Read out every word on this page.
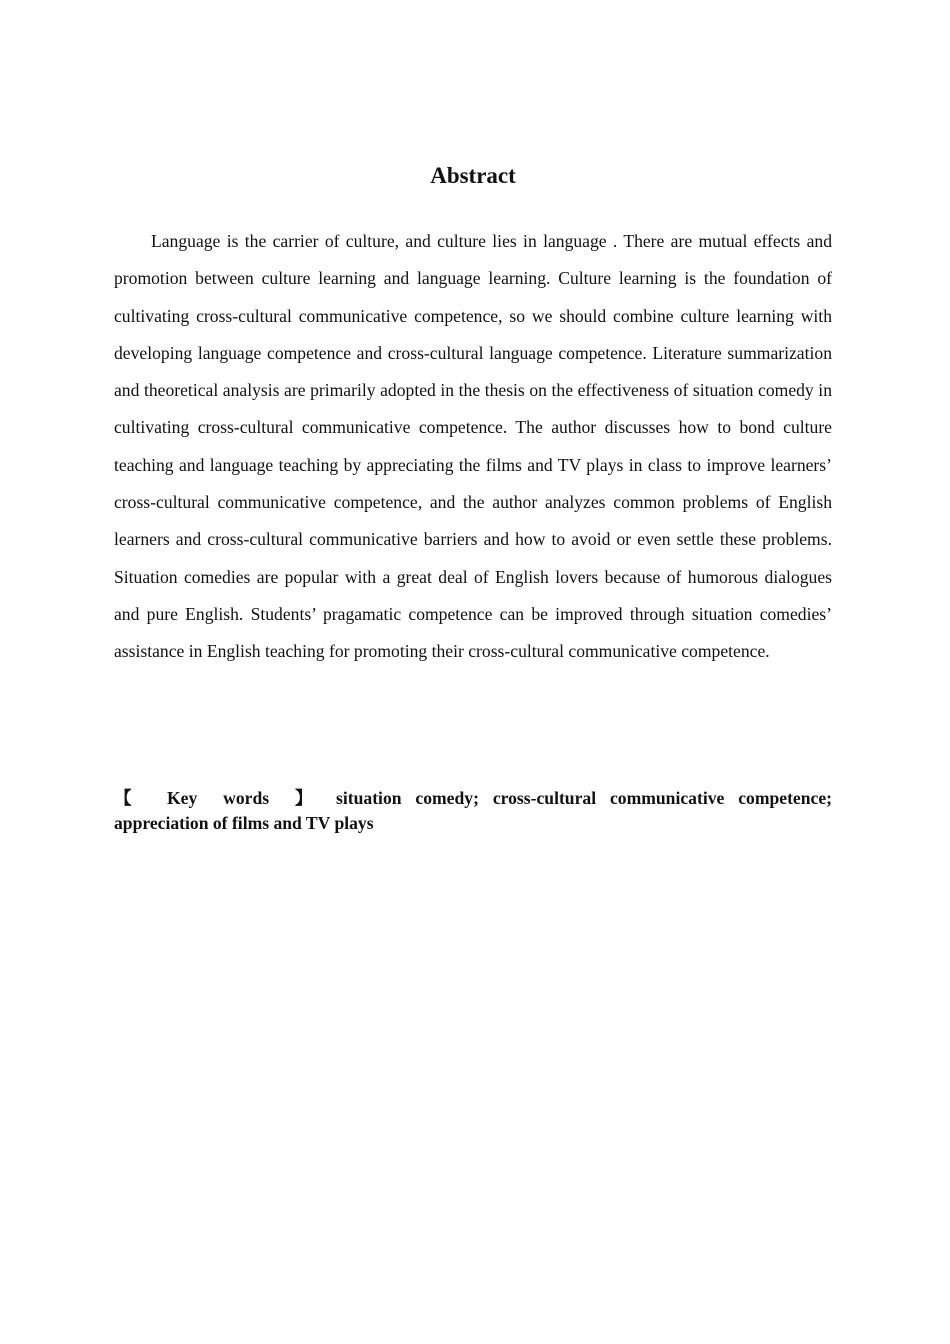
Abstract

Language is the carrier of culture, and culture lies in language . There are mutual effects and promotion between culture learning and language learning. Culture learning is the foundation of cultivating cross-cultural communicative competence, so we should combine culture learning with developing language competence and cross-cultural language competence. Literature summarization and theoretical analysis are primarily adopted in the thesis on the effectiveness of situation comedy in cultivating cross-cultural communicative competence. The author discusses how to bond culture teaching and language teaching by appreciating the films and TV plays in class to improve learners’ cross-cultural communicative competence, and the author analyzes common problems of English learners and cross-cultural communicative barriers and how to avoid or even settle these problems. Situation comedies are popular with a great deal of English lovers because of humorous dialogues and pure English. Students’ pragamatic competence can be improved through situation comedies’ assistance in English teaching for promoting their cross-cultural communicative competence.

【 Key words 】 situation comedy; cross-cultural communicative competence; appreciation of films and TV plays
